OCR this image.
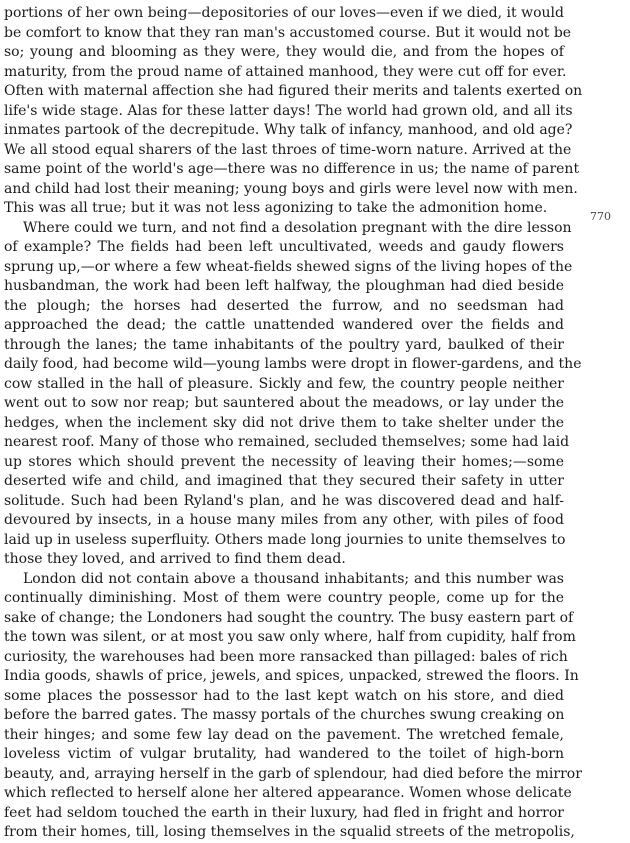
portions of her own being—depositories of our loves—even if we died, it would
be comfort to know that they ran man's accustomed course. But it would not be
so; young and blooming as they were, they would die, and from the hopes of
maturity, from the proud name of attained manhood, they were cut off for ever.
Often with maternal affection she had figured their merits and talents exerted on
life's wide stage. Alas for these latter days! The world had grown old, and all its
inmates partook of the decrepitude. Why talk of infancy, manhood, and old age?
We all stood equal sharers of the last throes of time-worn nature. Arrived at the
same point of the world's age—there was no difference in us; the name of parent
and child had lost their meaning; young boys and girls were level now with men.
This was all true; but it was not less agonizing to take the admonition home.
Where could we turn, and not find a desolation pregnant with the dire lesson
of example? The fields had been left uncultivated, weeds and gaudy flowers
sprung up,—or where a few wheat-fields shewed signs of the living hopes of the
husbandman, the work had been left halfway, the ploughman had died beside
the plough; the horses had deserted the furrow, and no seedsman had
approached the dead; the cattle unattended wandered over the fields and
through the lanes; the tame inhabitants of the poultry yard, baulked of their
daily food, had become wild—young lambs were dropt in flower-gardens, and the
cow stalled in the hall of pleasure. Sickly and few, the country people neither
went out to sow nor reap; but sauntered about the meadows, or lay under the
hedges, when the inclement sky did not drive them to take shelter under the
nearest roof. Many of those who remained, secluded themselves; some had laid
up stores which should prevent the necessity of leaving their homes;—some
deserted wife and child, and imagined that they secured their safety in utter
solitude. Such had been Ryland's plan, and he was discovered dead and half-
devoured by insects, in a house many miles from any other, with piles of food
laid up in useless superfluity. Others made long journies to unite themselves to
those they loved, and arrived to find them dead.
London did not contain above a thousand inhabitants; and this number was
continually diminishing. Most of them were country people, come up for the
sake of change; the Londoners had sought the country. The busy eastern part of
the town was silent, or at most you saw only where, half from cupidity, half from
curiosity, the warehouses had been more ransacked than pillaged: bales of rich
India goods, shawls of price, jewels, and spices, unpacked, strewed the floors. In
some places the possessor had to the last kept watch on his store, and died
before the barred gates. The massy portals of the churches swung creaking on
their hinges; and some few lay dead on the pavement. The wretched female,
loveless victim of vulgar brutality, had wandered to the toilet of high-born
beauty, and, arraying herself in the garb of splendour, had died before the mirror
which reflected to herself alone her altered appearance. Women whose delicate
feet had seldom touched the earth in their luxury, had fled in fright and horror
from their homes, till, losing themselves in the squalid streets of the metropolis,
770
